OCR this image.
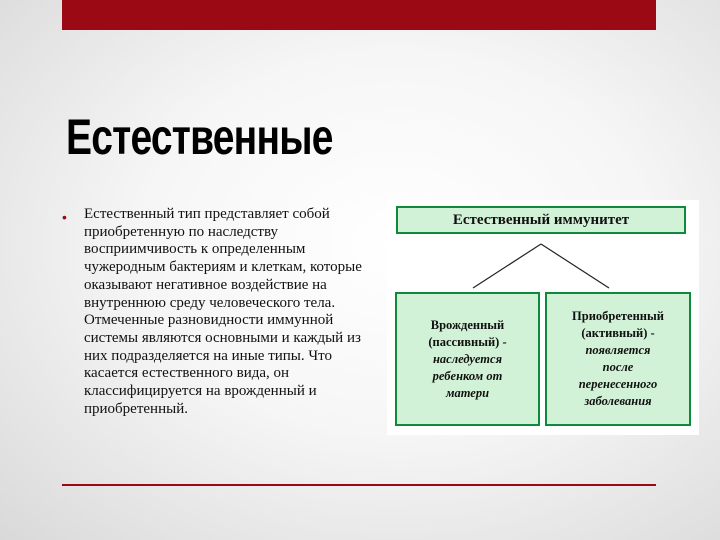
Естественные
• Естественный тип представляет собой приобретенную по наследству восприимчивость к определенным чужеродным бактериям и клеткам, которые оказывают негативное воздействие на внутреннюю среду человеческого тела. Отмеченные разновидности иммунной системы являются основными и каждый из них подразделяется на иные типы. Что касается естественного вида, он классифицируется на врожденный и приобретенный.

Естественный иммунитет
Врожденный
(пассивный) -
наследуется
ребенком от
матери
Приобретенный
(активный) -
появляется
после
перенесенного
заболевания
